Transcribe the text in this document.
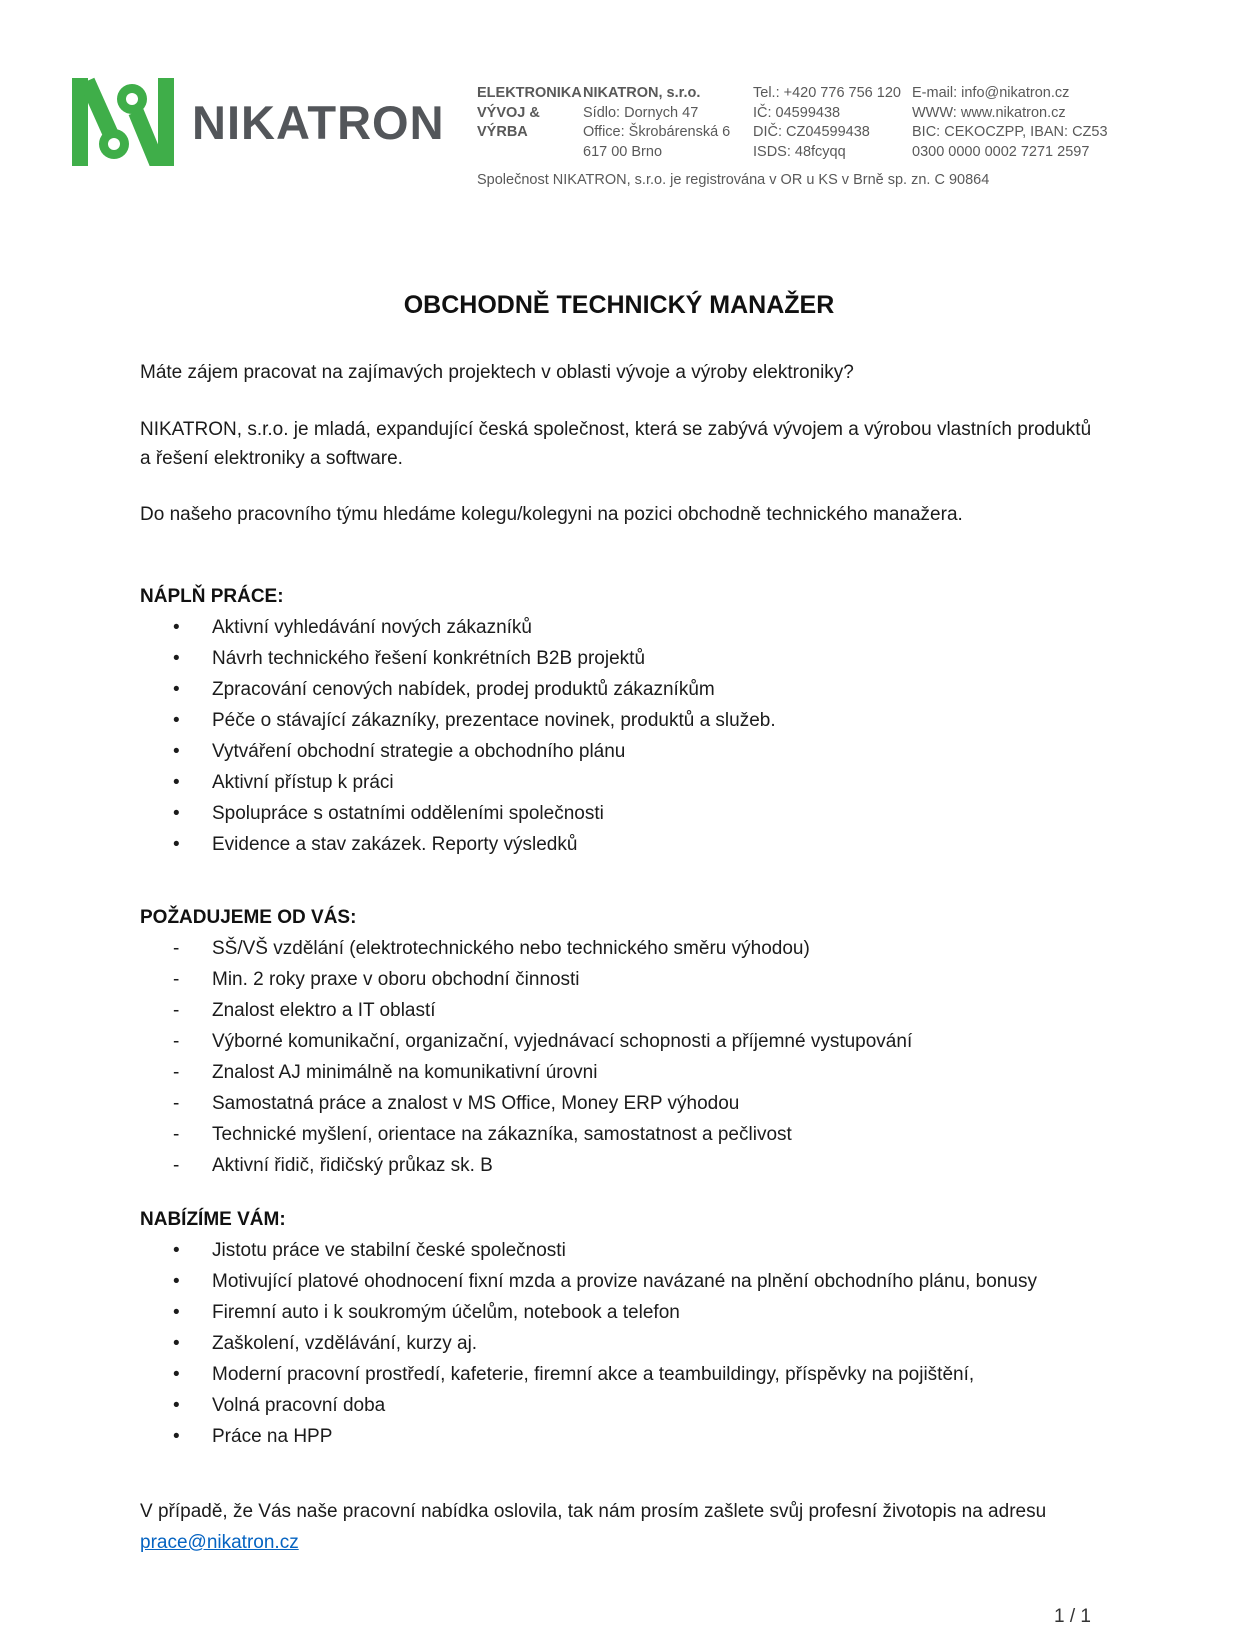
NIKATRON
ELEKTRONIKA
VÝVOJ &
VÝRBA
NIKATRON, s.r.o.
Sídlo: Dornych 47
Office: Škrobárenská 6
617 00 Brno
Tel.: +420 776 756 120
IČ: 04599438
DIČ: CZ04599438
ISDS: 48fcyqq
E-mail: info@nikatron.cz
WWW: www.nikatron.cz
BIC: CEKOCZPP, IBAN: CZ53
0300 0000 0002 7271 2597
Společnost NIKATRON, s.r.o. je registrována v OR u KS v Brně sp. zn. C 90864
OBCHODNĚ TECHNICKÝ MANAŽER

Máte zájem pracovat na zajímavých projektech v oblasti vývoje a výroby elektroniky?

NIKATRON, s.r.o. je mladá, expandující česká společnost, která se zabývá vývojem a výrobou vlastních produktů a řešení elektroniky a software.

Do našeho pracovního týmu hledáme kolegu/kolegyni na pozici obchodně technického manažera.

NÁPLŇ PRÁCE:
•	Aktivní vyhledávání nových zákazníků
•	Návrh technického řešení konkrétních B2B projektů
•	Zpracování cenových nabídek, prodej produktů zákazníkům
•	Péče o stávající zákazníky, prezentace novinek, produktů a služeb.
•	Vytváření obchodní strategie a obchodního plánu
•	Aktivní přístup k práci
•	Spolupráce s ostatními odděleními společnosti
•	Evidence a stav zakázek. Reporty výsledků
POŽADUJEME OD VÁS:
-	SŠ/VŠ vzdělání (elektrotechnického nebo technického směru výhodou)
-	Min. 2 roky praxe v oboru obchodní činnosti
-	Znalost elektro a IT oblastí
-	Výborné komunikační, organizační, vyjednávací schopnosti a příjemné vystupování
-	Znalost AJ minimálně na komunikativní úrovni
-	Samostatná práce a znalost v MS Office, Money ERP výhodou
-	Technické myšlení, orientace na zákazníka, samostatnost a pečlivost
-	Aktivní řidič, řidičský průkaz sk. B
NABÍZÍME VÁM:
•	Jistotu práce ve stabilní české společnosti
•	Motivující platové ohodnocení fixní mzda a provize navázané na plnění obchodního plánu, bonusy
•	Firemní auto i k soukromým účelům, notebook a telefon
•	Zaškolení, vzdělávání, kurzy aj.
•	Moderní pracovní prostředí, kafeterie, firemní akce a teambuildingy, příspěvky na pojištění,
•	Volná pracovní doba
•	Práce na HPP

V případě, že Vás naše pracovní nabídka oslovila, tak nám prosím zašlete svůj profesní životopis na adresu prace@nikatron.cz

1 / 1
